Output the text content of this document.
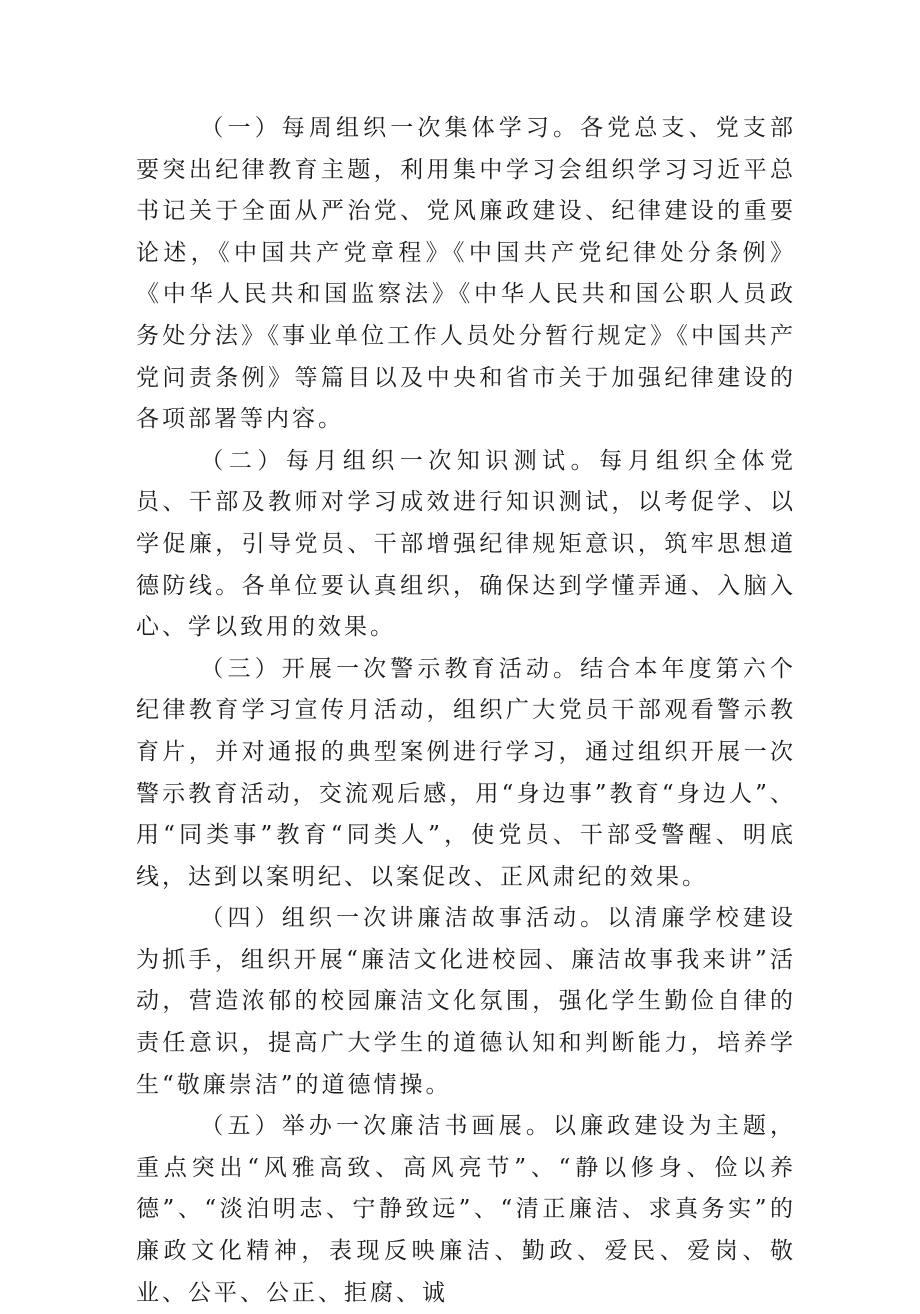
（一）每周组织一次集体学习。各党总支、党支部要突出纪律教育主题，利用集中学习会组织学习习近平总书记关于全面从严治党、党风廉政建设、纪律建设的重要论述，《中国共产党章程》《中国共产党纪律处分条例》《中华人民共和国监察法》《中华人民共和国公职人员政务处分法》《事业单位工作人员处分暂行规定》《中国共产党问责条例》等篇目以及中央和省市关于加强纪律建设的各项部署等内容。

（二）每月组织一次知识测试。每月组织全体党员、干部及教师对学习成效进行知识测试，以考促学、以学促廉，引导党员、干部增强纪律规矩意识，筑牢思想道德防线。各单位要认真组织，确保达到学懂弄通、入脑入心、学以致用的效果。

（三）开展一次警示教育活动。结合本年度第六个纪律教育学习宣传月活动，组织广大党员干部观看警示教育片，并对通报的典型案例进行学习，通过组织开展一次警示教育活动，交流观后感，用“身边事”教育“身边人”、用“同类事”教育“同类人”，使党员、干部受警醒、明底线，达到以案明纪、以案促改、正风肃纪的效果。

（四）组织一次讲廉洁故事活动。以清廉学校建设为抓手，组织开展“廉洁文化进校园、廉洁故事我来讲”活动，营造浓郁的校园廉洁文化氛围，强化学生勤俭自律的责任意识，提高广大学生的道德认知和判断能力，培养学生“敬廉崇洁”的道德情操。

（五）举办一次廉洁书画展。以廉政建设为主题，重点突出“风雅高致、高风亮节”、“静以修身、俭以养德”、“淡泊明志、宁静致远”、“清正廉洁、求真务实”的廉政文化精神，表现反映廉洁、勤政、爱民、爱岗、敬业、公平、公正、拒腐、诚
